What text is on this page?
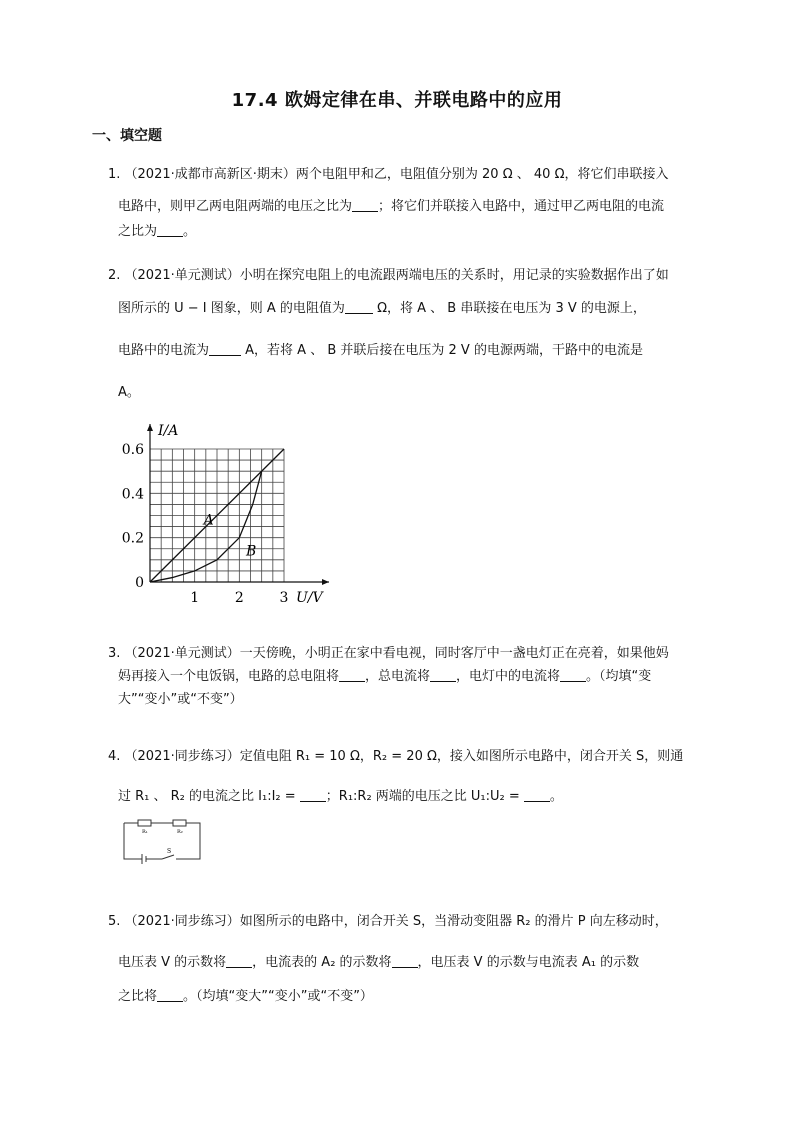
17.4 欧姆定律在串、并联电路中的应用
一、填空题
1. （2021·成都市高新区·期末）两个电阻甲和乙，电阻值分别为 20 Ω 、 40 Ω，将它们串联接入
电路中，则甲乙两电阻两端的电压之比为 ；将它们并联接入电路中，通过甲乙两电阻的电流
之比为 。
2. （2021·单元测试）小明在探究电阻上的电流跟两端电压的关系时，用记录的实验数据作出了如
图所示的 U − I 图象，则 A 的电阻值为 Ω，将 A 、 B 串联接在电压为 3 V 的电源上，
电路中的电流为	A，若将 A 、 B 并联后接在电压为 2 V 的电源两端，干路中的电流是
A。
A
B
0
0.2
0.4
0.6
1	2	3 U/V
I/A
3. （2021·单元测试）一天傍晚，小明正在家中看电视，同时客厅中一盏电灯正在亮着，如果他妈
妈再接入一个电饭锅，电路的总电阻将 ，总电流将 ，电灯中的电流将 。（均填“变
大”“变小”或“不变”）
4. （2021·同步练习）定值电阻 R₁ = 10 Ω，R₂ = 20 Ω，接入如图所示电路中，闭合开关 S，则通
过 R₁ 、 R₂ 的电流之比 I₁:I₂ = ；R₁:R₂ 两端的电压之比 U₁:U₂ = 。
R₁	R₂
S
5. （2021·同步练习）如图所示的电路中，闭合开关 S，当滑动变阻器 R₂ 的滑片 P 向左移动时，
电压表 V 的示数将 ，电流表的 A₂ 的示数将 ，电压表 V 的示数与电流表 A₁ 的示数
之比将 。（均填“变大”“变小”或“不变”）
